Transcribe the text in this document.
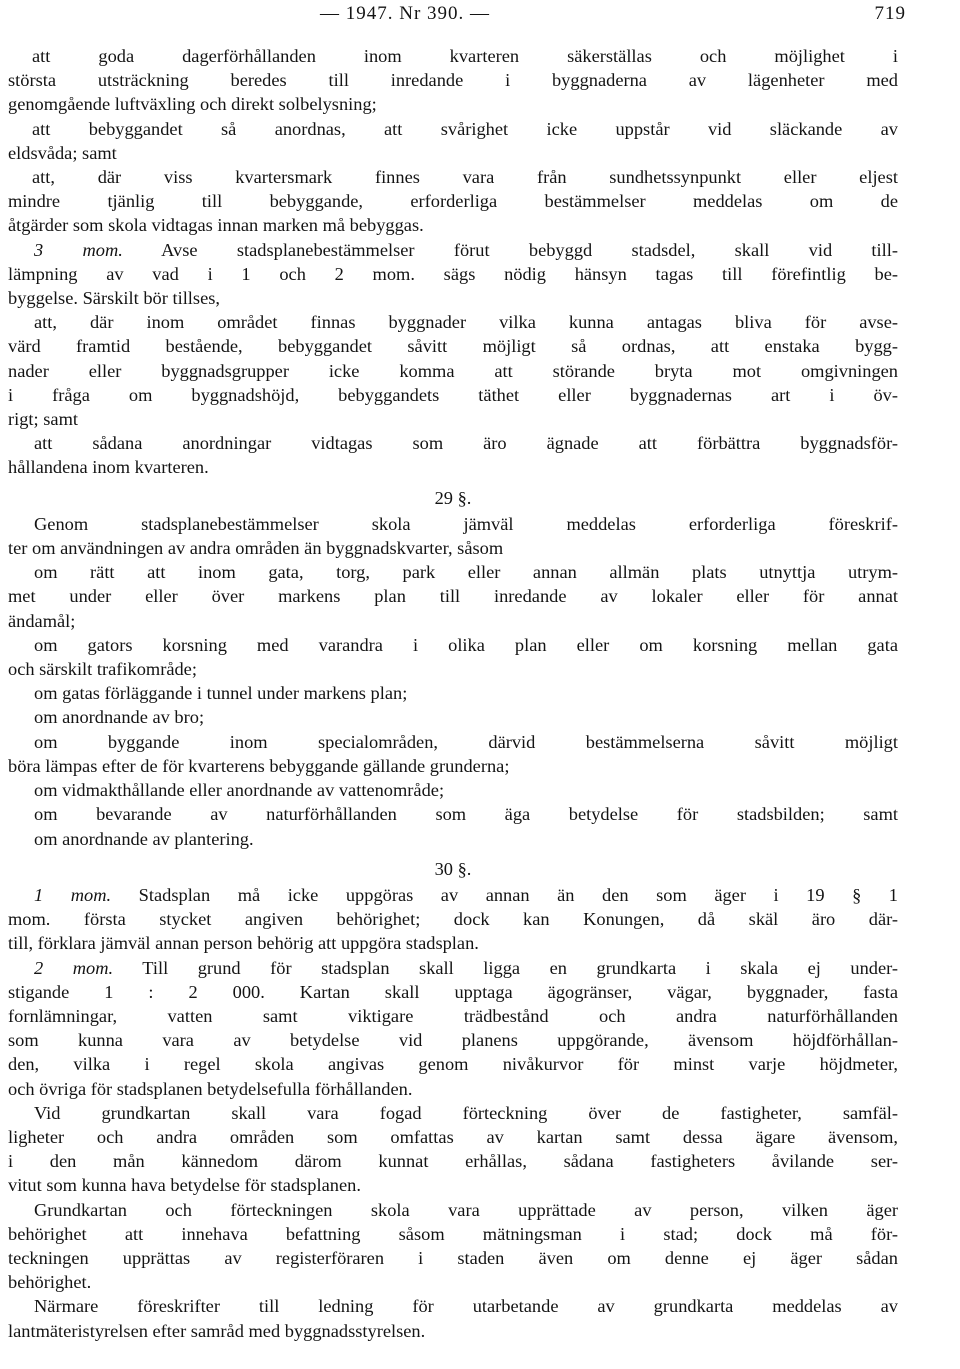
— 1947. Nr 390. —	719
att goda dagerförhållanden inom kvarteren säkerställas och möjlighet i
största utsträckning beredes till inredande i byggnaderna av lägenheter med
genomgående luftväxling och direkt solbelysning;
att bebyggandet så anordnas, att svårighet icke uppstår vid släckande av
eldsvåda; samt
att, där viss kvartersmark finnes vara från sundhetssynpunkt eller eljest
mindre tjänlig till bebyggande, erforderliga bestämmelser meddelas om de
åtgärder som skola vidtagas innan marken må bebyggas.
3 mom. Avse stadsplanebestämmelser förut bebyggd stadsdel, skall vid till-
lämpning av vad i 1 och 2 mom. sägs nödig hänsyn tagas till förefintlig be-
byggelse. Särskilt bör tillses,
att, där inom området finnas byggnader vilka kunna antagas bliva för avse-
värd framtid bestående, bebyggandet såvitt möjligt så ordnas, att enstaka bygg-
nader eller byggnadsgrupper icke komma att störande bryta mot omgivningen
i fråga om byggnadshöjd, bebyggandets täthet eller byggnadernas art i öv-
rigt; samt
att sådana anordningar vidtagas som äro ägnade att förbättra byggnadsför-
hållandena inom kvarteren.
29 §.
Genom stadsplanebestämmelser skola jämväl meddelas erforderliga föreskrif-
ter om användningen av andra områden än byggnadskvarter, såsom
om rätt att inom gata, torg, park eller annan allmän plats utnyttja utrym-
met under eller över markens plan till inredande av lokaler eller för annat
ändamål;
om gators korsning med varandra i olika plan eller om korsning mellan gata
och särskilt trafikområde;
om gatas förläggande i tunnel under markens plan;
om anordnande av bro;
om byggande inom specialområden, därvid bestämmelserna såvitt möjligt
böra lämpas efter de för kvarterens bebyggande gällande grunderna;
om vidmakthållande eller anordnande av vattenområde;
om bevarande av naturförhållanden som äga betydelse för stadsbilden; samt
om anordnande av plantering.
30 §.
1 mom. Stadsplan må icke uppgöras av annan än den som äger i 19 § 1
mom. första stycket angiven behörighet; dock kan Konungen, då skäl äro där-
till, förklara jämväl annan person behörig att uppgöra stadsplan.
2 mom. Till grund för stadsplan skall ligga en grundkarta i skala ej under-
stigande 1 : 2 000. Kartan skall upptaga ägogränser, vägar, byggnader, fasta
fornlämningar, vatten samt viktigare trädbestånd och andra naturförhållanden
som kunna vara av betydelse vid planens uppgörande, ävensom höjdförhållan-
den, vilka i regel skola angivas genom nivåkurvor för minst varje höjdmeter,
och övriga för stadsplanen betydelsefulla förhållanden.
Vid grundkartan skall vara fogad förteckning över de fastigheter, samfäl-
ligheter och andra områden som omfattas av kartan samt dessa ägare ävensom,
i den mån kännedom därom kunnat erhållas, sådana fastigheters åvilande ser-
vitut som kunna hava betydelse för stadsplanen.
Grundkartan och förteckningen skola vara upprättade av person, vilken äger
behörighet att innehava befattning såsom mätningsman i stad; dock må för-
teckningen upprättas av registerföraren i staden även om denne ej äger sådan
behörighet.
Närmare föreskrifter till ledning för utarbetande av grundkarta meddelas av
lantmäteristyrelsen efter samråd med byggnadsstyrelsen.
